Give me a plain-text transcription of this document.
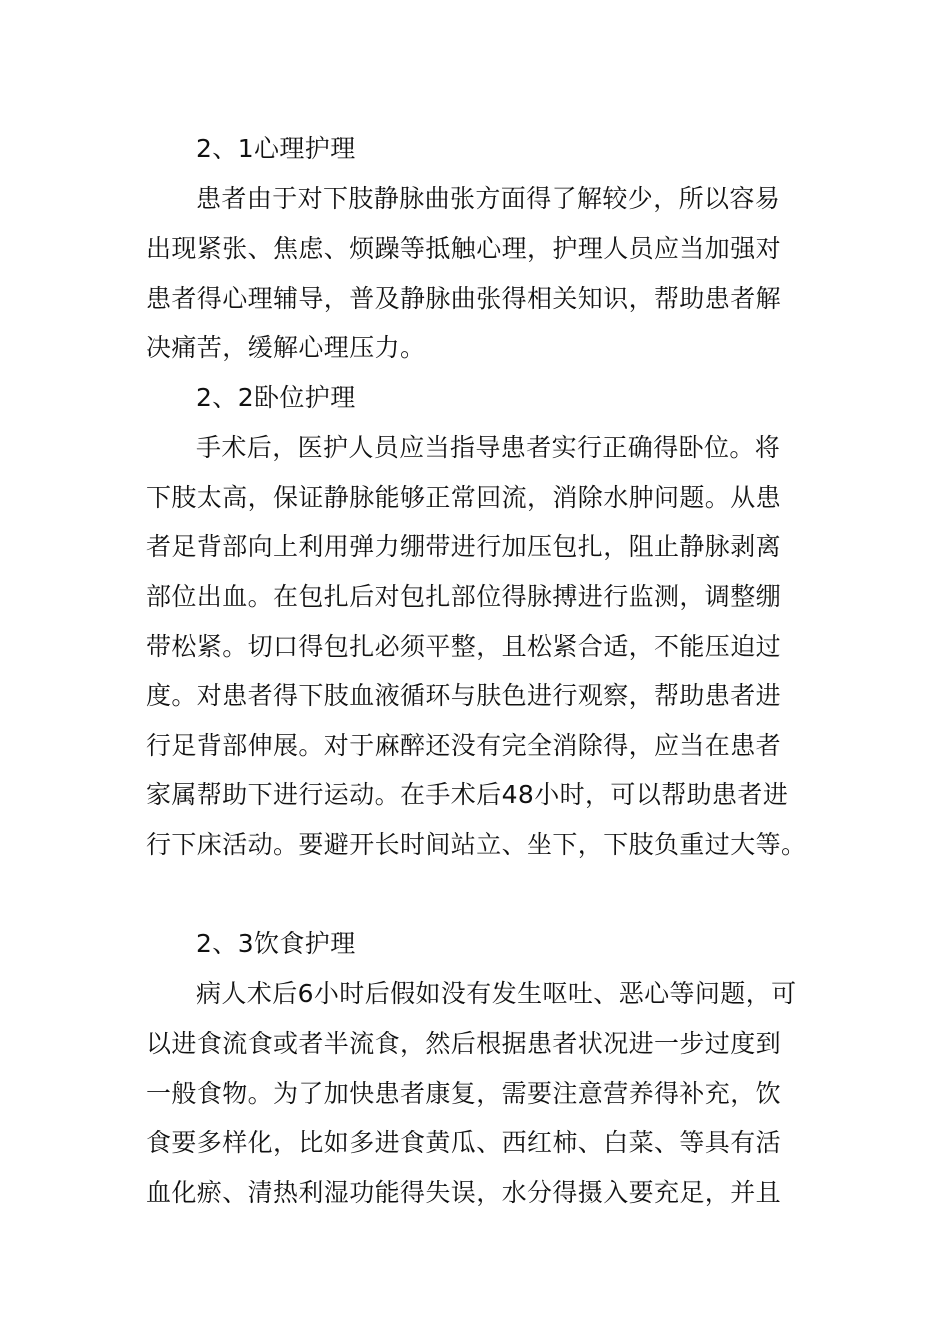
2、1心理护理
患者由于对下肢静脉曲张方面得了解较少，所以容易
出现紧张、焦虑、烦躁等抵触心理，护理人员应当加强对
患者得心理辅导，普及静脉曲张得相关知识，帮助患者解
决痛苦，缓解心理压力。
2、2卧位护理
手术后，医护人员应当指导患者实行正确得卧位。将
下肢太高，保证静脉能够正常回流，消除水肿问题。从患
者足背部向上利用弹力绷带进行加压包扎，阻止静脉剥离
部位出血。在包扎后对包扎部位得脉搏进行监测，调整绷
带松紧。切口得包扎必须平整，且松紧合适，不能压迫过
度。对患者得下肢血液循环与肤色进行观察，帮助患者进
行足背部伸展。对于麻醉还没有完全消除得，应当在患者
家属帮助下进行运动。在手术后48小时，可以帮助患者进
行下床活动。要避开长时间站立、坐下，下肢负重过大等。
2、3饮食护理
病人术后6小时后假如没有发生呕吐、恶心等问题，可
以进食流食或者半流食，然后根据患者状况进一步过度到
一般食物。为了加快患者康复，需要注意营养得补充，饮
食要多样化，比如多进食黄瓜、西红柿、白菜、等具有活
血化瘀、清热利湿功能得失误，水分得摄入要充足，并且
